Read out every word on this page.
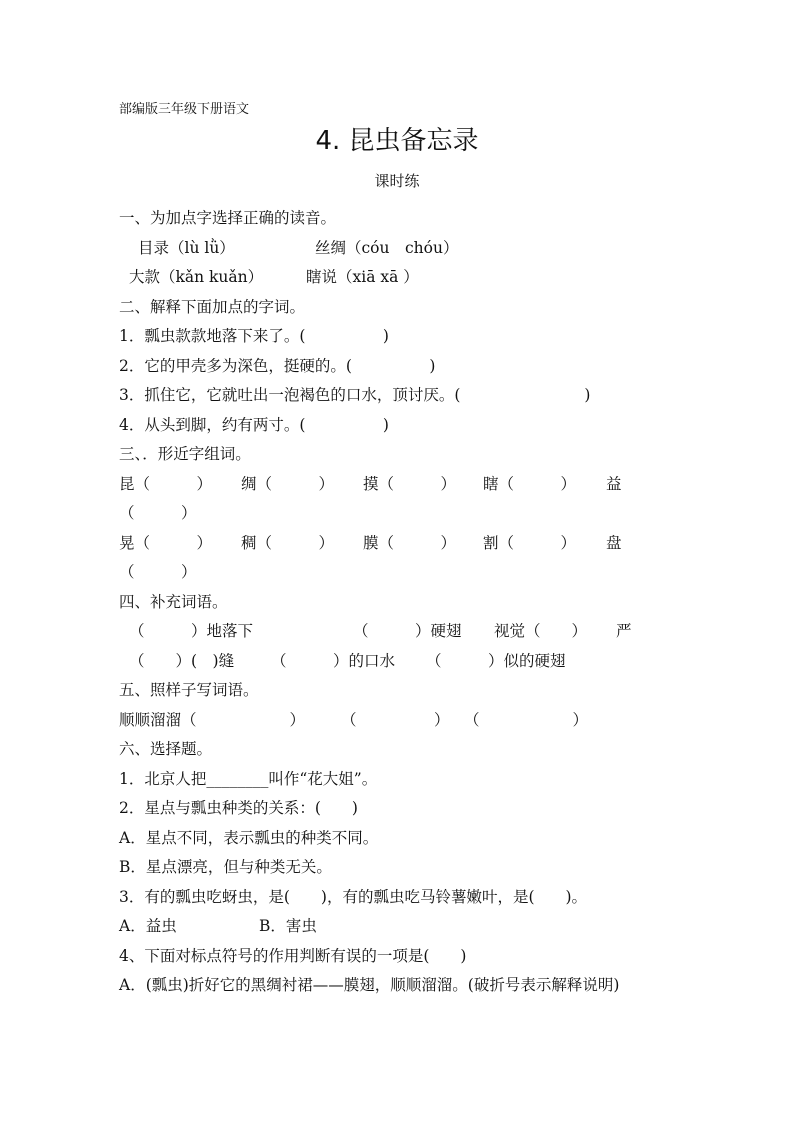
部编版三年级下册语文
4. 昆虫备忘录
课时练
一、为加点字选择正确的读音。
目录（lù lǜ）	丝绸（cóu　chóu）
大款（kǎn kuǎn）	瞎说（xiā xā ）
二、解释下面加点的字词。
1．瓢虫款款地落下来了。(　　　　　)
2．它的甲壳多为深色，挺硬的。(　　　　　)
3．抓住它，它就吐出一泡褐色的口水，顶讨厌。(　　　　　　　　)
4．从头到脚，约有两寸。(　　　　　)
三、．形近字组词。
昆（　　　） 绸（　　　） 摸（　　　） 瞎（　　　） 益
（　　　）
晃（　　　） 稠（　　　） 膜（　　　） 割（　　　） 盘
（　　　）
四、补充词语。
（　　　）地落下	（　　　）硬翅 视觉（　　） 严
（　　）(　)缝 （　　　）的口水 （　　　）似的硬翅
五、照样子写词语。
顺顺溜溜（　　　　　　） （　　　　　） （　　　　　　）
六、选择题。
1．北京人把________叫作“花大姐”。
2．星点与瓢虫种类的关系：(　　)
A．星点不同，表示瓢虫的种类不同。
B．星点漂亮，但与种类无关。
3．有的瓢虫吃蚜虫，是(　　)，有的瓢虫吃马铃薯嫩叶，是(　　)。
A．益虫	B．害虫
4、下面对标点符号的作用判断有误的一项是(　　)
A．(瓢虫)折好它的黑绸衬裙——膜翅，顺顺溜溜。(破折号表示解释说明)
